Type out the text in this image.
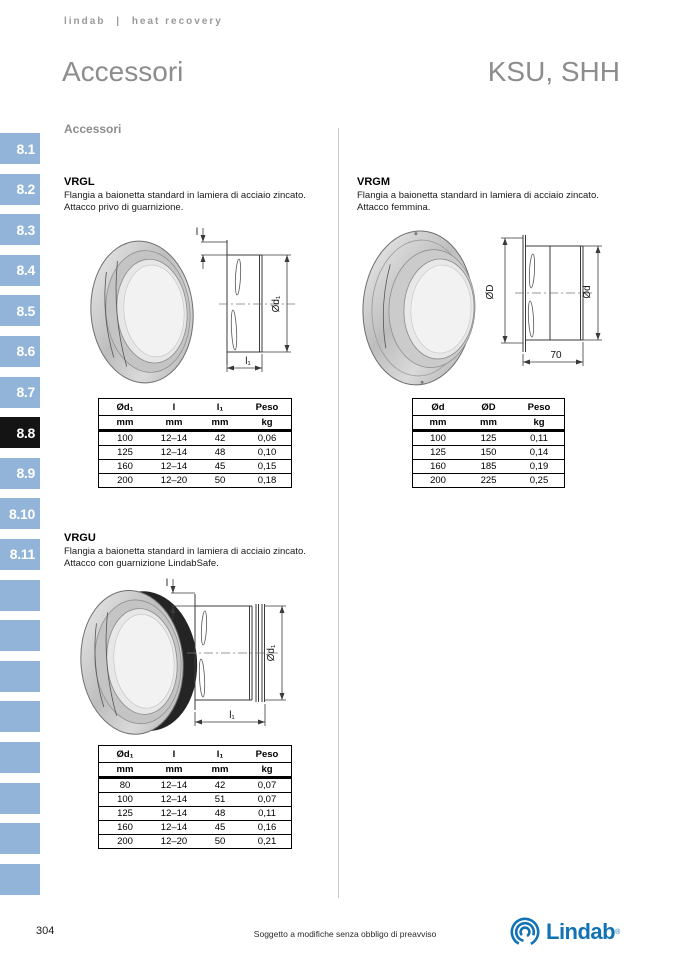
8.1
8.2
8.3
8.4
8.5
8.6
8.7
8.8
8.9
8.10
8.11
lindab | heat recovery
Accessori	KSU, SHH
Accessori
VRGL
Flangia a baionetta standard in lamiera di acciaio zincato.
Attacco privo di guarnizione.
l
l₁
Ød₁
Ød₁	l	l₁	Peso
mm	mm	mm	kg
100	12–14	42	0,06
125	12–14	48	0,10
160	12–14	45	0,15
200	12–20	50	0,18
VRGM
Flangia a baionetta standard in lamiera di acciaio zincato.
Attacco femmina.
ØD	Ød
70
Ød	ØD	Peso
mm	mm	kg
100	125	0,11
125	150	0,14
160	185	0,19
200	225	0,25
VRGU
Flangia a baionetta standard in lamiera di acciaio zincato.
Attacco con guarnizione LindabSafe.
l
l₁
Ød₁
Ød₁	l	l₁	Peso
mm	mm	mm	kg
80	12–14	42	0,07
100	12–14	51	0,07
125	12–14	48	0,11
160	12–14	45	0,16
200	12–20	50	0,21
304	Soggetto a modifiche senza obbligo di preavviso	Lindab ®
